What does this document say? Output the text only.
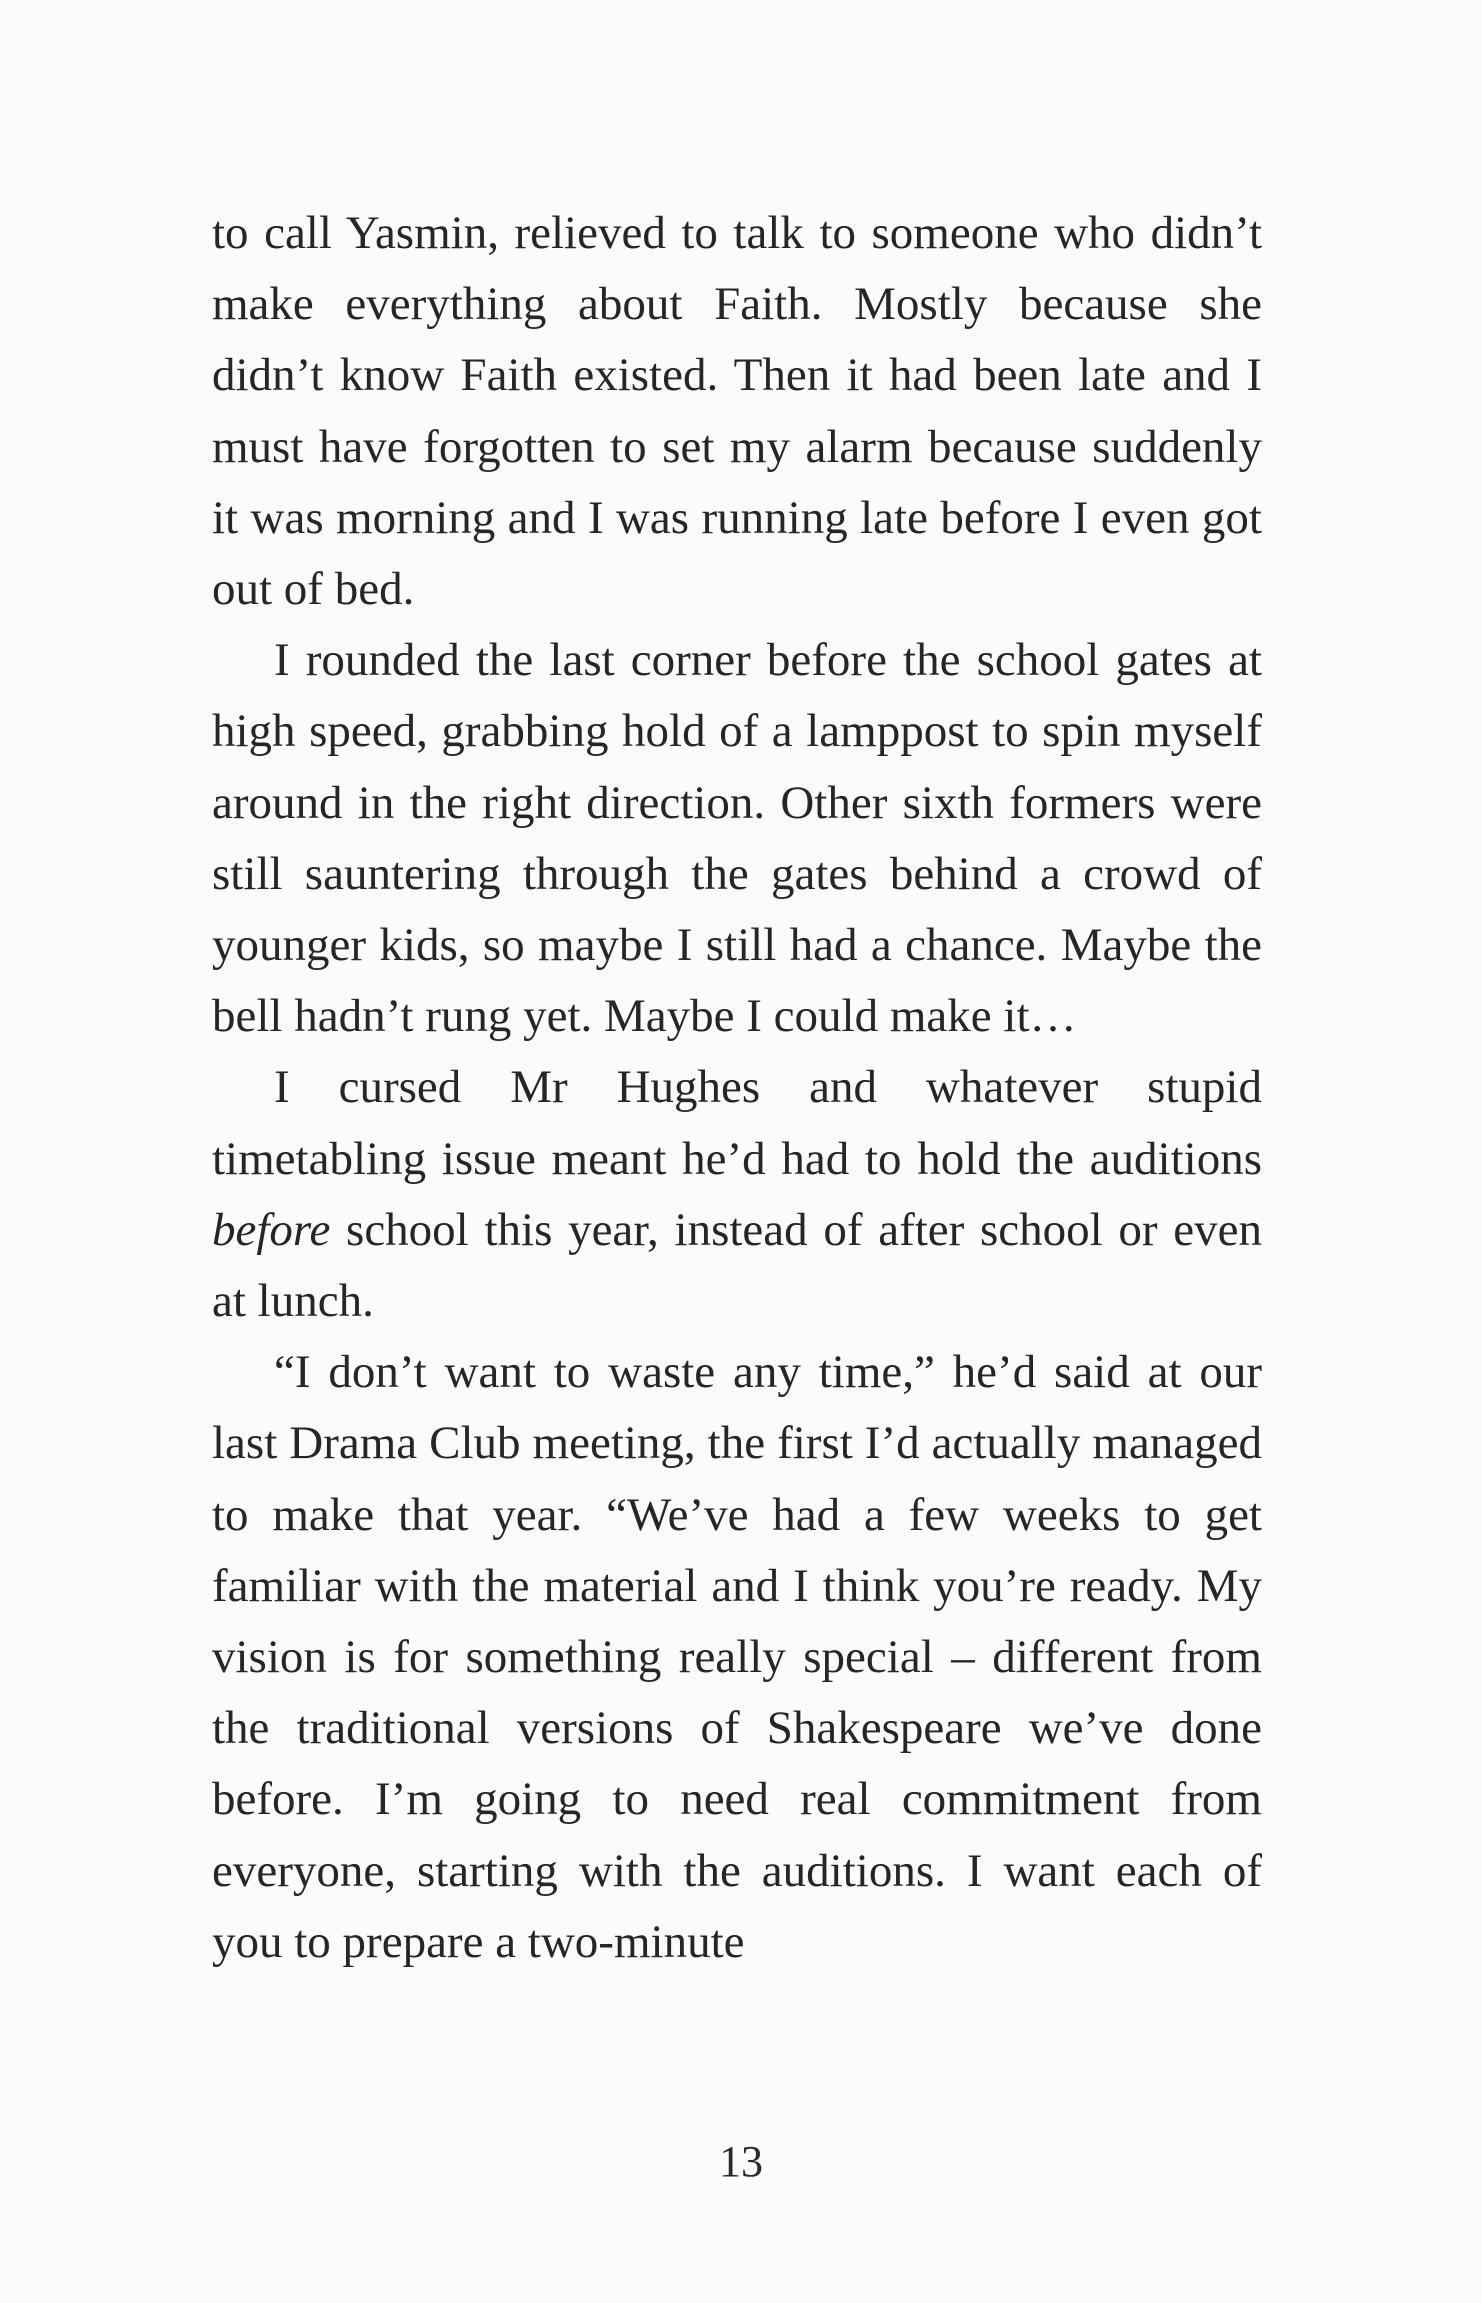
to call Yasmin, relieved to talk to someone who didn’t make everything about Faith. Mostly because she didn’t know Faith existed. Then it had been late and I must have forgotten to set my alarm because suddenly it was morning and I was running late before I even got out of bed.

I rounded the last corner before the school gates at high speed, grabbing hold of a lamppost to spin myself around in the right direction. Other sixth formers were still sauntering through the gates behind a crowd of younger kids, so maybe I still had a chance. Maybe the bell hadn’t rung yet. Maybe I could make it…

I cursed Mr Hughes and whatever stupid timetabling issue meant he’d had to hold the auditions before school this year, instead of after school or even at lunch.

“I don’t want to waste any time,” he’d said at our last Drama Club meeting, the first I’d actually managed to make that year. “We’ve had a few weeks to get familiar with the material and I think you’re ready. My vision is for something really special – different from the traditional versions of Shakespeare we’ve done before. I’m going to need real commitment from everyone, starting with the auditions. I want each of you to prepare a two-minute

13
